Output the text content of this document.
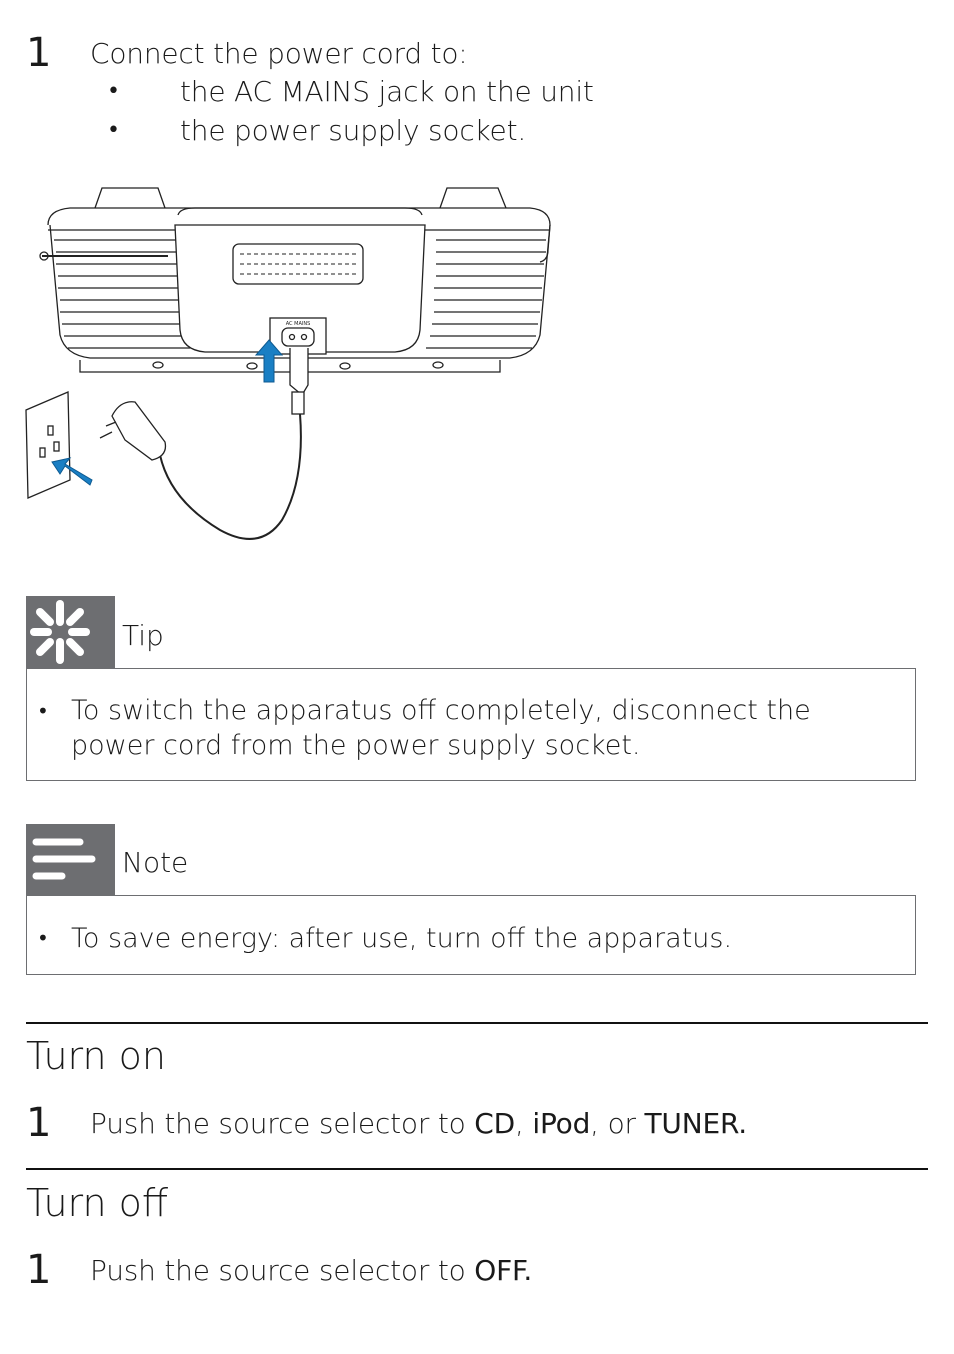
1 Connect the power cord to:
• the AC MAINS jack on the unit
• the power supply socket.
AC MAINS
Tip
• To switch the apparatus off completely, disconnect the power cord from the power supply socket.
Note
• To save energy: after use, turn off the apparatus.
Turn on
1 Push the source selector to CD, iPod, or TUNER.
Turn off
1 Push the source selector to OFF.
